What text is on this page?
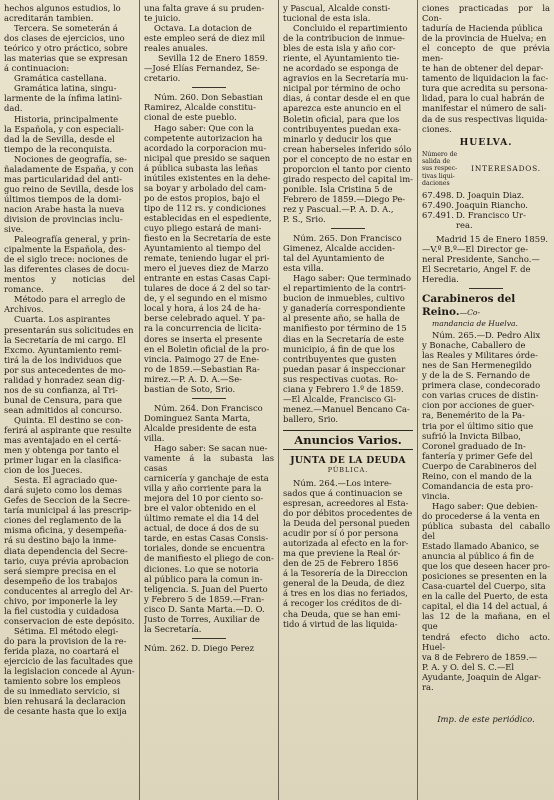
hechos algunos estudios, lo

acreditarán tambien.

Tercera. Se someterán á

dos clases de ejercicios, uno

teórico y otro práctico, sobre

las materias que se expresan

á continuacion:

Gramática castellana.

Gramática latina, singu-

larmente de la ínfima latini-

dad.

Historia, principalmente

la Española, y con especiali-

dad la de Sevilla, desde el

tiempo de la reconquista.

Nociones de geografía, se-

ñaladamente de España, y con

mas particularidad del anti-

guo reino de Sevilla, desde los

últimos tiempos de la domi-

nacion Arabe hasta la nueva

division de provincias inclu-

sive.

Paleografía general, y prin-

cipalmente la Española, des-

de el siglo trece: nociones de

las diferentes clases de docu-

mentos y noticias del romance.

Método para el arreglo de

Archivos.

Cuarta. Los aspirantes

presentarán sus solicitudes en

la Secretaría de mi cargo. El

Excmo. Ayuntamiento remi-

tirá la de los individuos que

por sus antecedentes de mo-

ralidad y honradez sean dig-

nos de su confianza, al Tri-

bunal de Censura, para que

sean admitidos al concurso.

Quinta. El destino se con-

ferirá al aspirante que resulte

mas aventajado en el certá-

men y obtenga por tanto el

primer lugar en la clasifica-

cion de los Jueces.

Sesta. El agraciado que-

dará sujeto como los demas

Gefes de Seccion de la Secre-

taría municipal á las prescrip-

ciones del reglamento de la

misma oficina, y desempeña-

rá su destino bajo la inme-

diata dependencia del Secre-

tario, cuya prévia aprobacion

será siempre precisa en el

desempeño de los trabajos

conducentes al arreglo del Ar-

chivo, por imponerle la ley

la fiel custodia y cuidadosa

conservacion de este depósito.

Sétima. El método elegi-

do para la provision de la re-

ferida plaza, no coartará el

ejercicio de las facultades que

la legislacion concede al Ayun-

tamiento sobre los empleos

de su inmediato servicio, si

bien rehusará la declaracion

de cesante hasta que lo exija

una falta grave á su pruden-

te juicio.

Octava. La dotacion de

este empleo será de diez mil

reales anuales.

Sevilla 12 de Enero 1859.

—José Elías Fernandez, Se-

cretario.

Núm. 260. Don Sebastian

Ramirez, Alcalde constitu-

cional de este pueblo.

Hago saber: Que con la

competente autorizacion ha

acordado la corporacion mu-

nicipal que presido se saquen

á pública subasta las leñas

inútiles existentes en la dehe-

sa boyar y arbolado del cam-

po de estos propios, bajo el

tipo de 112 rs. y condiciones

establecidas en el espediente,

cuyo pliego estará de mani-

fiesto en la Secretaría de este

Ayuntamiento al tiempo del

remate, teniendo lugar el pri-

mero el jueves diez de Marzo

entrante en estas Casas Capi-

tulares de doce á 2 del so tar-

de, y el segundo en el mismo

local y hora, á los 24 de ha-

berse celebrado aquel. Y pa-

ra la concurrencia de licita-

dores se inserta el presente

en el Boletin oficial de la pro-

vincia. Paimogo 27 de Ene-

ro de 1859.—Sebastian Ra-

mirez.—P. A. D. A.—Se-

bastian de Soto, Srio.

Núm. 264. Don Francisco

Dominguez Santa Marta,

Alcalde presidente de esta

villa.

Hago saber: Se sacan nue-

vamente á la subasta las casas

carnicería y ganchaje de esta

villa y año corriente para la

mejora del 10 por ciento so-

bre el valor obtenido en el

último remate el dia 14 del

actual, de doce á dos de su

tarde, en estas Casas Consis-

toriales, donde se encuentra

de manifiesto el pliego de con-

diciones. Lo que se notoria

al público para la comun in-

teligencia. S. Juan del Puerto

y Febrero 5 de 1859.—Fran-

cisco D. Santa Marta.—D. O.

Justo de Torres, Auxiliar de

la Secretaría.

Núm. 262. D. Diego Perez

y Pascual, Alcalde consti-

tucional de esta isla.

Concluido el repartimiento

de la contribucion de inmue-

bles de esta isla y año cor-

riente, el Ayuntamiento tie-

ne acordado se esponga de

agravios en la Secretaría mu-

nicipal por término de ocho

dias, á contar desde el en que

aparezca este anuncio en el

Boletin oficial, para que los

contribuyentes puedan exa-

minarlo y deducir los que

crean haberseles inferido sólo

por el concepto de no estar en

proporcion el tanto por ciento

girado respecto del capital im-

ponible. Isla Cristina 5 de

Febrero de 1859.—Diego Pe-

rez y Pascual.—P. A. D. A.,

P. S., Srio.

Núm. 265. Don Francisco

Gimenez, Alcalde acciden-

tal del Ayuntamiento de

esta villa.

Hago saber: Que terminado

el repartimiento de la contri-

bucion de inmuebles, cultivo

y ganadería correspondiente

al presente año, se halla de

manifiesto por término de 15

dias en la Secretaría de este

municipio, á fin de que los

contribuyentes que gusten

puedan pasar á inspeccionar

sus respectivas cuotas. Ro-

ciana y Febrero 1.º de 1859.

—El Alcalde, Francisco Gi-

menez.—Manuel Bencano Ca-

ballero, Srio.

Anuncios Varios.
JUNTA DE LA DEUDA
PÚBLICA.

Núm. 264.—Los intere-

sados que á continuacion se

espresan, acreedores al Esta-

do por débitos procedentes de

la Deuda del personal pueden

acudir por sí ó por persona

autorizada al efecto en la for-

ma que previene la Real ór-

den de 25 de Febrero 1856

á la Tesorería de la Direccion

general de la Deuda, de diez

á tres en los dias no feriados,

á recoger los créditos de di-

cha Deuda, que se han emi-

tido á virtud de las liquida-

ciones practicadas por la Con-

taduría de Hacienda pública

de la provincia de Huelva; en

el concepto de que prévia men-

te han de obtener del depar-

tamento de liquidacion la fac-

tura que acredita su persona-

lidad, para lo cual habrán de

manifestar el número de sali-

da de sus respectivas liquida-

ciones.

HUELVA.

Número de

salida de

sus respec-

tivas liqui-

daciones

INTERESADOS.
67.498. D. Joaquin Diaz.
67.490. Joaquin Riancho.
67.491. D. Francisco Ur-
rea.

Madrid 15 de Enero 1859.

—V.º B.º—El Director ge-

neral Presidente, Sancho.—

El Secretario, Angel F. de

Heredia.

Carabineros del Reino.—Co-
mandancia de Huelva.

Núm. 265.—D. Pedro Alix

y Bonache, Caballero de

las Reales y Militares órde-

nes de San Hermenegildo

y de la de S. Fernando de

primera clase, condecorado

con varias cruces de distin-

cion por acciones de guer-

ra, Benemérito de la Pa-

tria por el último sitio que

sufrió la Invicta Bilbao,

Coronel graduado de In-

fantería y primer Gefe del

Cuerpo de Carabineros del

Reino, con el mando de la

Comandancia de esta pro-

vincia.

Hago saber: Que debien-

do procederse á la venta en

pública subasta del caballo del

Estado llamado Abanico, se

anuncia al público á fin de

que los que deseen hacer pro-

posiciones se presenten en la

Casa-cuartel del Cuerpo, sita

en la calle del Puerto, de esta

capital, el dia 14 del actual, á

las 12 de la mañana, en el que

tendrá efecto dicho acto. Huel-

va 8 de Febrero de 1859.—

P. A. y O. del S. C.—El

Ayudante, Joaquin de Algar-

ra.

Imp. de este periódico.
